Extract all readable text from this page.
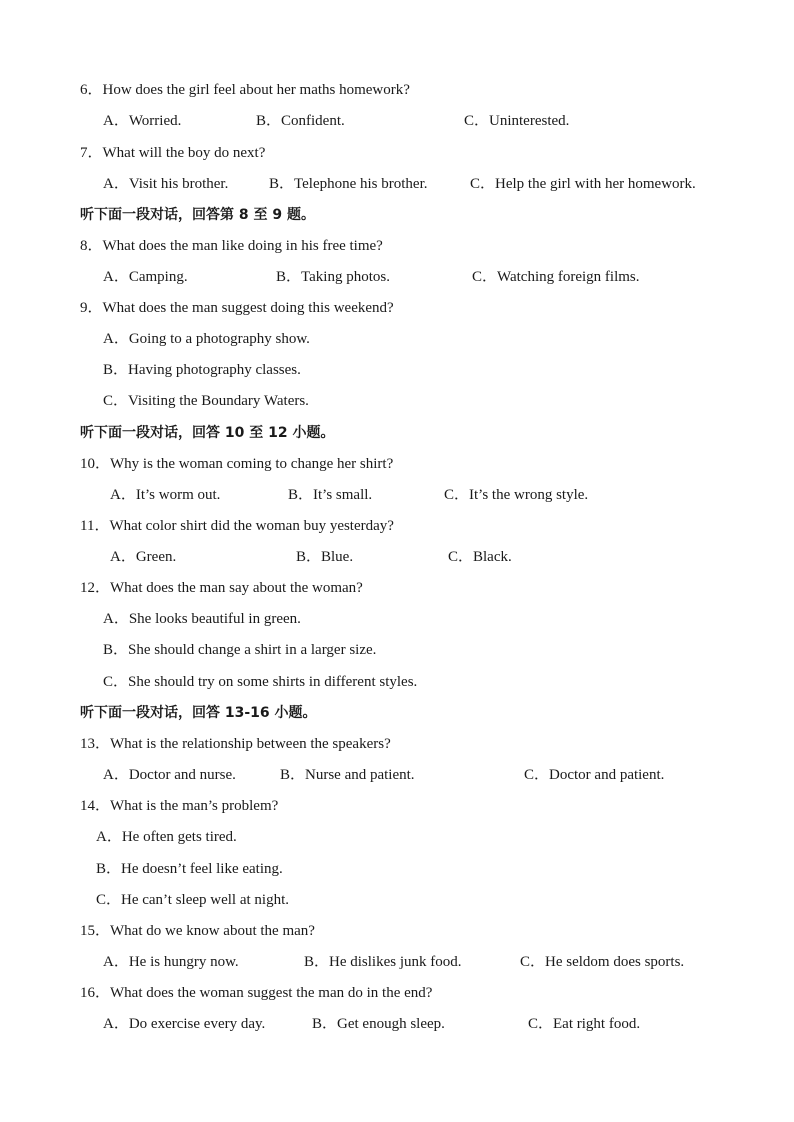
6．How does the girl feel about her maths homework?
A．Worried.	B．Confident.	C．Uninterested.
7．What will the boy do next?
A．Visit his brother.	B．Telephone his brother.	C．Help the girl with her homework.
听下面一段对话，回答第 8 至 9 题。
8．What does the man like doing in his free time?
A．Camping.	B．Taking photos.	C．Watching foreign films.
9．What does the man suggest doing this weekend?
A．Going to a photography show.
B．Having photography classes.
C．Visiting the Boundary Waters.
听下面一段对话，回答 10 至 12 小题。
10．Why is the woman coming to change her shirt?
A．It’s worm out.	B．It’s small.	C．It’s the wrong style.
11．What color shirt did the woman buy yesterday?
A．Green.	B．Blue.	C．Black.
12．What does the man say about the woman?
A．She looks beautiful in green.
B．She should change a shirt in a larger size.
C．She should try on some shirts in different styles.
听下面一段对话，回答 13-16 小题。
13．What is the relationship between the speakers?
A．Doctor and nurse.	B．Nurse and patient.	C．Doctor and patient.
14．What is the man’s problem?
A．He often gets tired.
B．He doesn’t feel like eating.
C．He can’t sleep well at night.
15．What do we know about the man?
A．He is hungry now.	B．He dislikes junk food.	C．He seldom does sports.
16．What does the woman suggest the man do in the end?
A．Do exercise every day.	B．Get enough sleep.	C．Eat right food.
